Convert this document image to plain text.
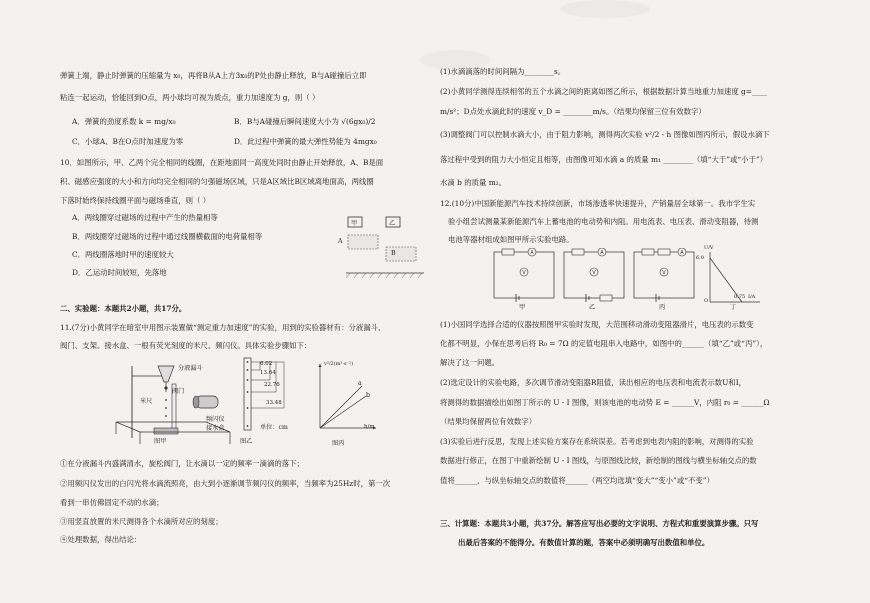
弹簧上端，静止时弹簧的压缩量为 x₀，再将B从A上方3x₀的P处由静止释放，B与A碰撞后立即
粘连一起运动，恰能回到O点，两小球均可视为质点，重力加速度为 g，则（ ）
A．弹簧的劲度系数 k = mg/x₀	B．B与A碰撞后瞬间速度大小为 √(6gx₀)/2
C．小球A、B在O点时加速度为零	D．此过程中弹簧的最大弹性势能为 4mgx₀
10．如图所示，甲、乙两个完全相同的线圈，在距地面同一高度处同时由静止开始释放，A、B是面
积、磁感应强度的大小和方向均完全相同的匀强磁场区域，只是A区域比B区域离地面高，两线圈
下落时始终保持线圈平面与磁场垂直，则（ ）
A．两线圈穿过磁场的过程中产生的热量相等
B．两线圈穿过磁场的过程中通过线圈横截面的电荷量相等
C．两线圈落地时甲的速度较大
D．乙运动时间较短，先落地
甲	乙
A
B
二、实验题：本题共2小题，共17分。
11.(7分)小黄同学在暗室中用图示装置做“测定重力加速度”的实验，用到的实验器材有：分液漏斗、
阀门、支架、接水盒、一根有荧光刻度的米尺、频闪仪。具体实验步骤如下：
分液漏斗
阀门
米尺
频闪仪
接水盒
图甲
6.02
13.64
22.76
33.48
单位：cm
图乙
v²/2(m²·s⁻²)
h/m
a
b
图丙
①在分液漏斗内盛满清水，旋松阀门，让水滴以一定的频率一滴滴的落下；
②用频闪仪发出的白闪光将水滴流照亮，由大到小逐渐调节频闪仪的频率，当频率为25Hz时，第一次
看到一串仿佛固定不动的水滴；
③用竖直放置的米尺测得各个水滴所对应的刻度；
④处理数据，得出结论：
(1)水滴滴落的时间间隔为________s。
(2)小黄同学测得连续相邻的五个水滴之间的距离如图乙所示，根据数据计算当地重力加速度 g=____
m/s²；D点处水滴此时的速度 v_D = ________m/s。（结果均保留三位有效数字）
(3)调整阀门可以控制水滴大小，由于阻力影响，测得两次实验 v²/2 - h 图像如图丙所示，假设水滴下
落过程中受到的阻力大小恒定且相等，由图像可知水滴 a 的质量 m₁ ________（填“大于”或“小于”）
水滴 b 的质量 m₂。
12.(10分)中国新能源汽车技术持续创新，市场渗透率快速提升，产销量居全球第一。我市学生实
验小组尝试测量某新能源汽车上蓄电池的电动势和内阻。用电流表、电压表、滑动变阻器，待测
电池等器材组成如图甲所示实验电路。
A
V
A
V
A
V
甲	乙	丙	丁
U/V
6.0
0.75 I/A
O
(1)小国同学选择合适的仪器按照图甲实验时发现，大范围移动滑动变阻器滑片，电压表的示数变
化都不明显，小保在思考后将 R₀ = 7Ω 的定值电阻串入电路中，如图中的______（填“乙”或“丙”），
解决了这一问题。
(2)选定设计的实验电路，多次调节滑动变阻器R阻值，读出相应的电压表和电流表示数U和I，
将测得的数据描绘出如图丁所示的 U - I 图像，则该电池的电动势 E = ______V，内阻 r₀ = ______Ω
（结果均保留两位有效数字）
(3)实验后进行反思，发现上述实验方案存在系统误差。若考虑到电表内阻的影响，对测得的实验
数据进行修正，在图丁中重新绘制 U - I 图线，与原图线比较，新绘制的图线与横坐标轴交点的数
值将______，与纵坐标轴交点的数值将______（两空均选填“变大”“变小”或“不变”）
三、计算题：本题共3小题，共37分。解答应写出必要的文字说明、方程式和重要演算步骤。只写
出最后答案的不能得分。有数值计算的题，答案中必须明确写出数值和单位。
